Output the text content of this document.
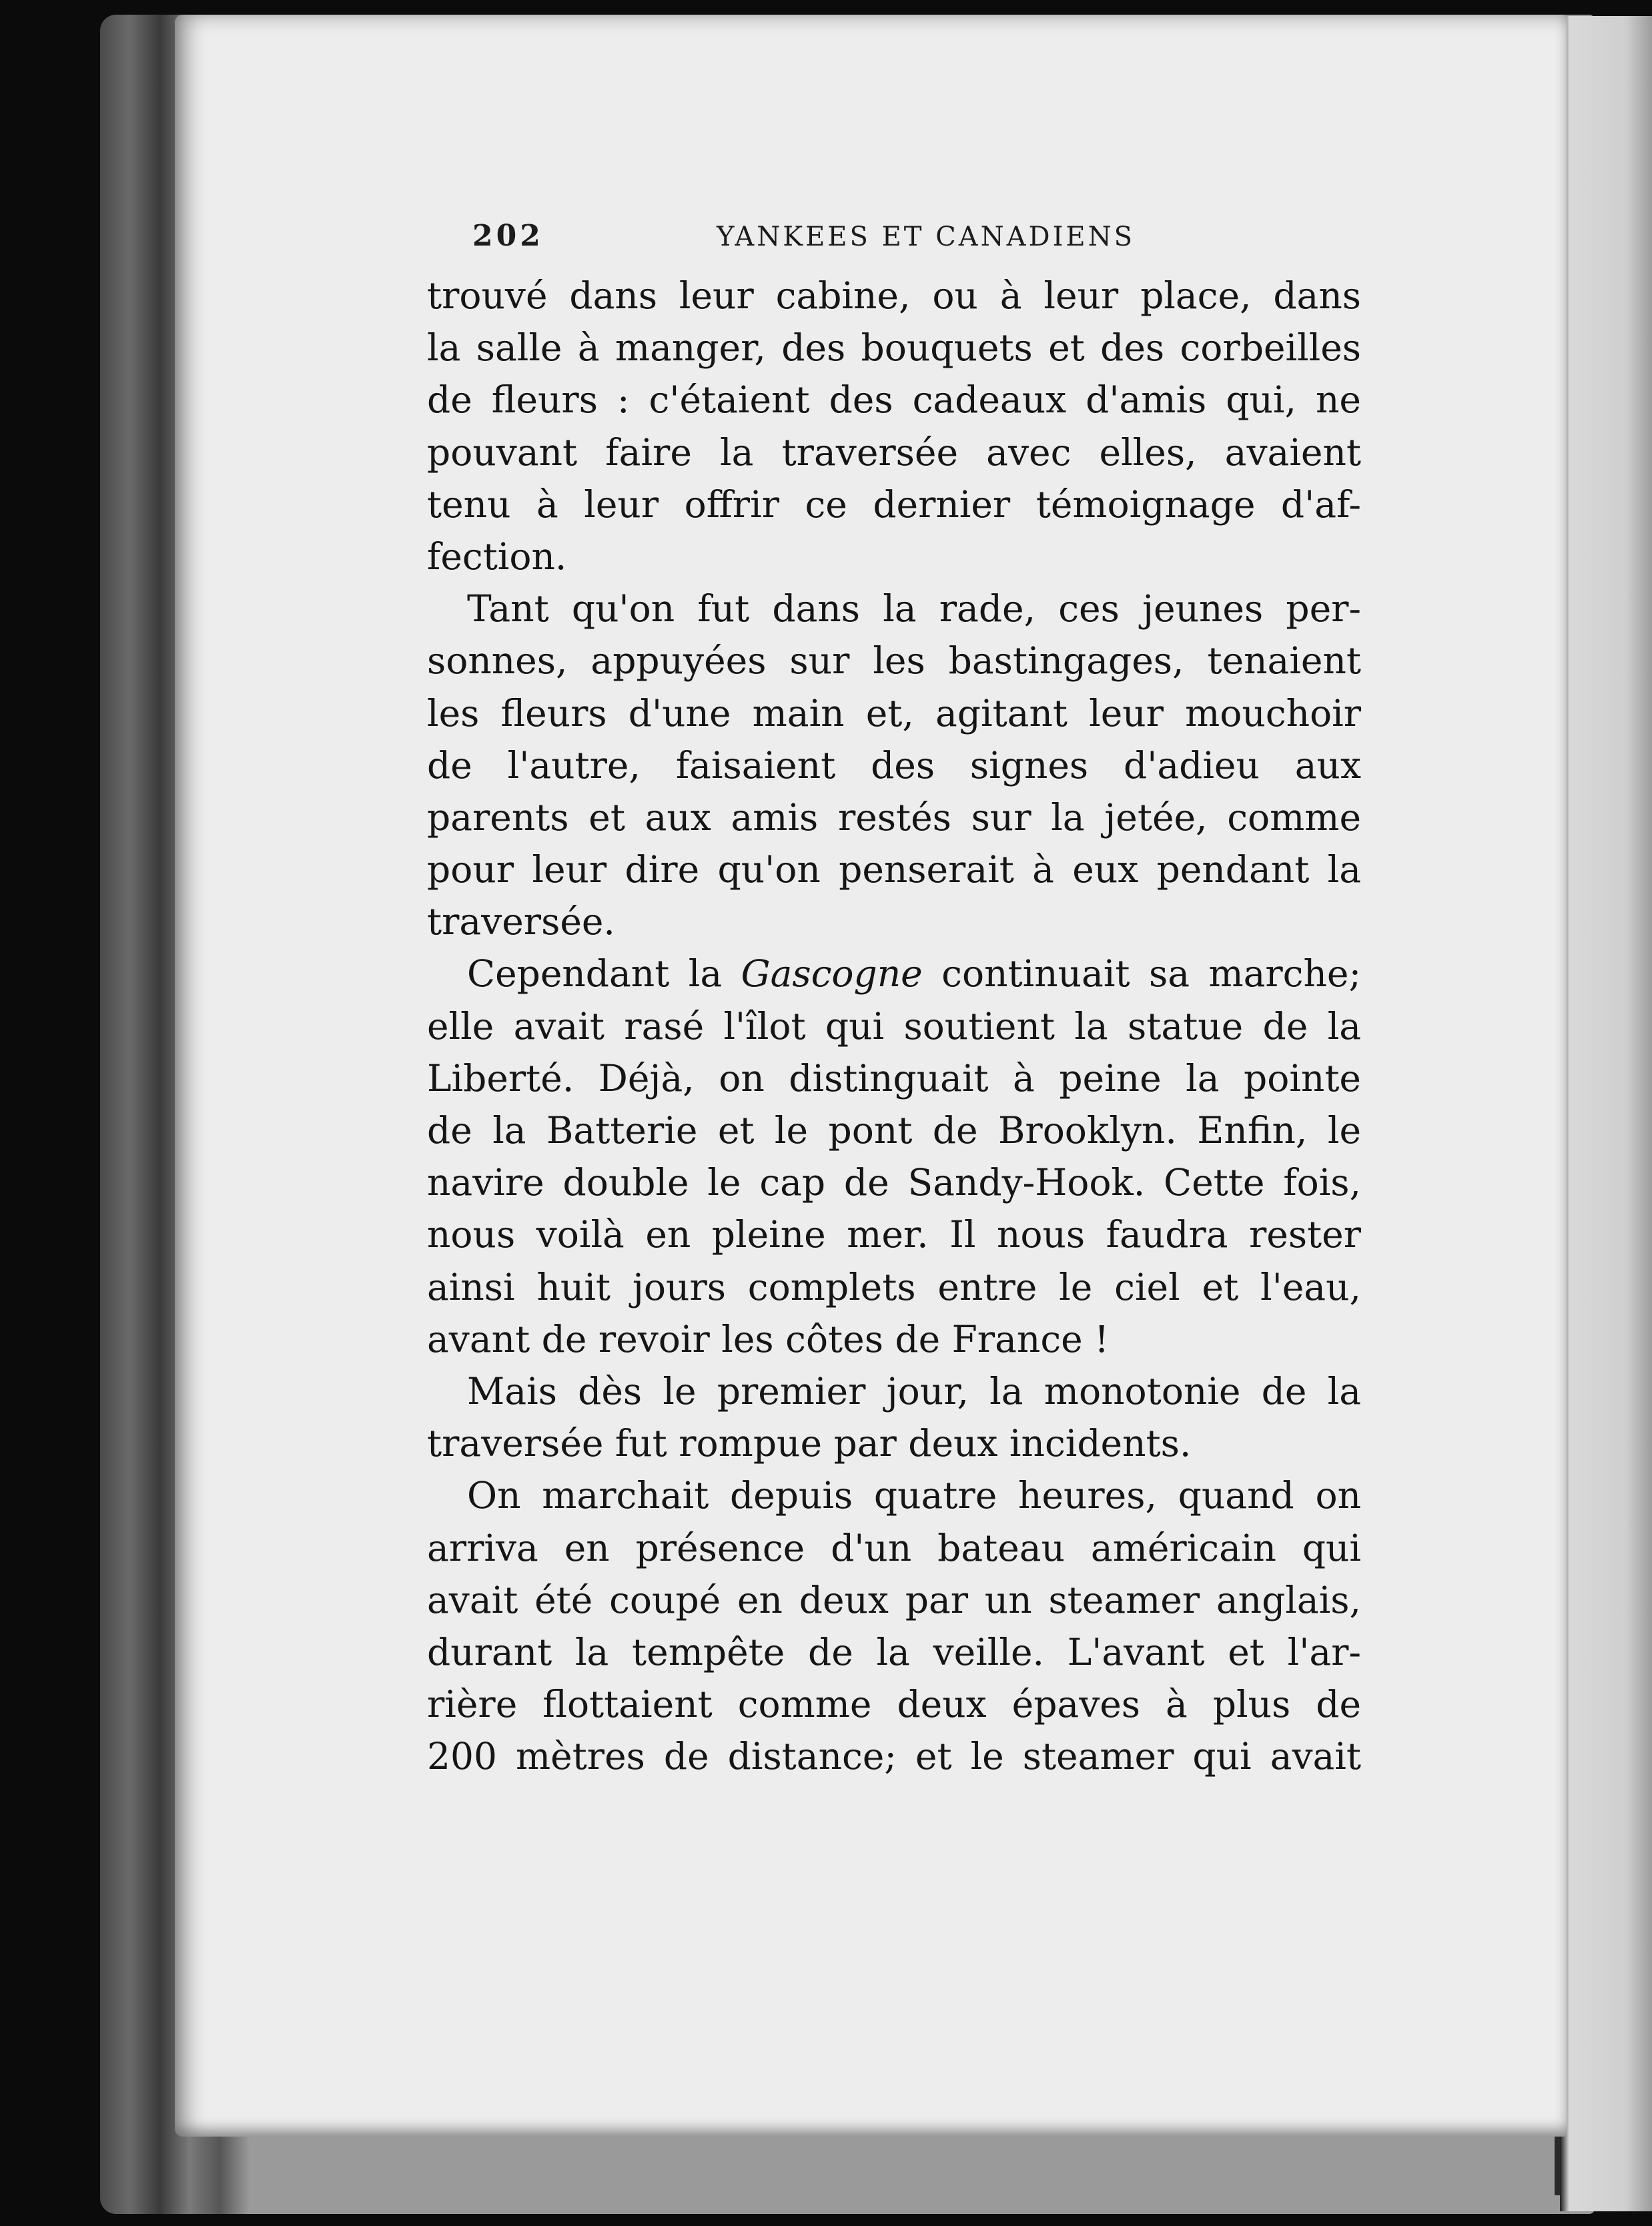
202	YANKEES ET CANADIENS
trouvé dans leur cabine, ou à leur place, dans
la salle à manger, des bouquets et des corbeilles
de fleurs : c'étaient des cadeaux d'amis qui, ne
pouvant faire la traversée avec elles, avaient
tenu à leur offrir ce dernier témoignage d'af-
fection.
Tant qu'on fut dans la rade, ces jeunes per-
sonnes, appuyées sur les bastingages, tenaient
les fleurs d'une main et, agitant leur mouchoir
de l'autre, faisaient des signes d'adieu aux
parents et aux amis restés sur la jetée, comme
pour leur dire qu'on penserait à eux pendant la
traversée.
Cependant la Gascogne continuait sa marche;
elle avait rasé l'îlot qui soutient la statue de la
Liberté. Déjà, on distinguait à peine la pointe
de la Batterie et le pont de Brooklyn. Enfin, le
navire double le cap de Sandy-Hook. Cette fois,
nous voilà en pleine mer. Il nous faudra rester
ainsi huit jours complets entre le ciel et l'eau,
avant de revoir les côtes de France !
Mais dès le premier jour, la monotonie de la
traversée fut rompue par deux incidents.
On marchait depuis quatre heures, quand on
arriva en présence d'un bateau américain qui
avait été coupé en deux par un steamer anglais,
durant la tempête de la veille. L'avant et l'ar-
rière flottaient comme deux épaves à plus de
200 mètres de distance; et le steamer qui avait
